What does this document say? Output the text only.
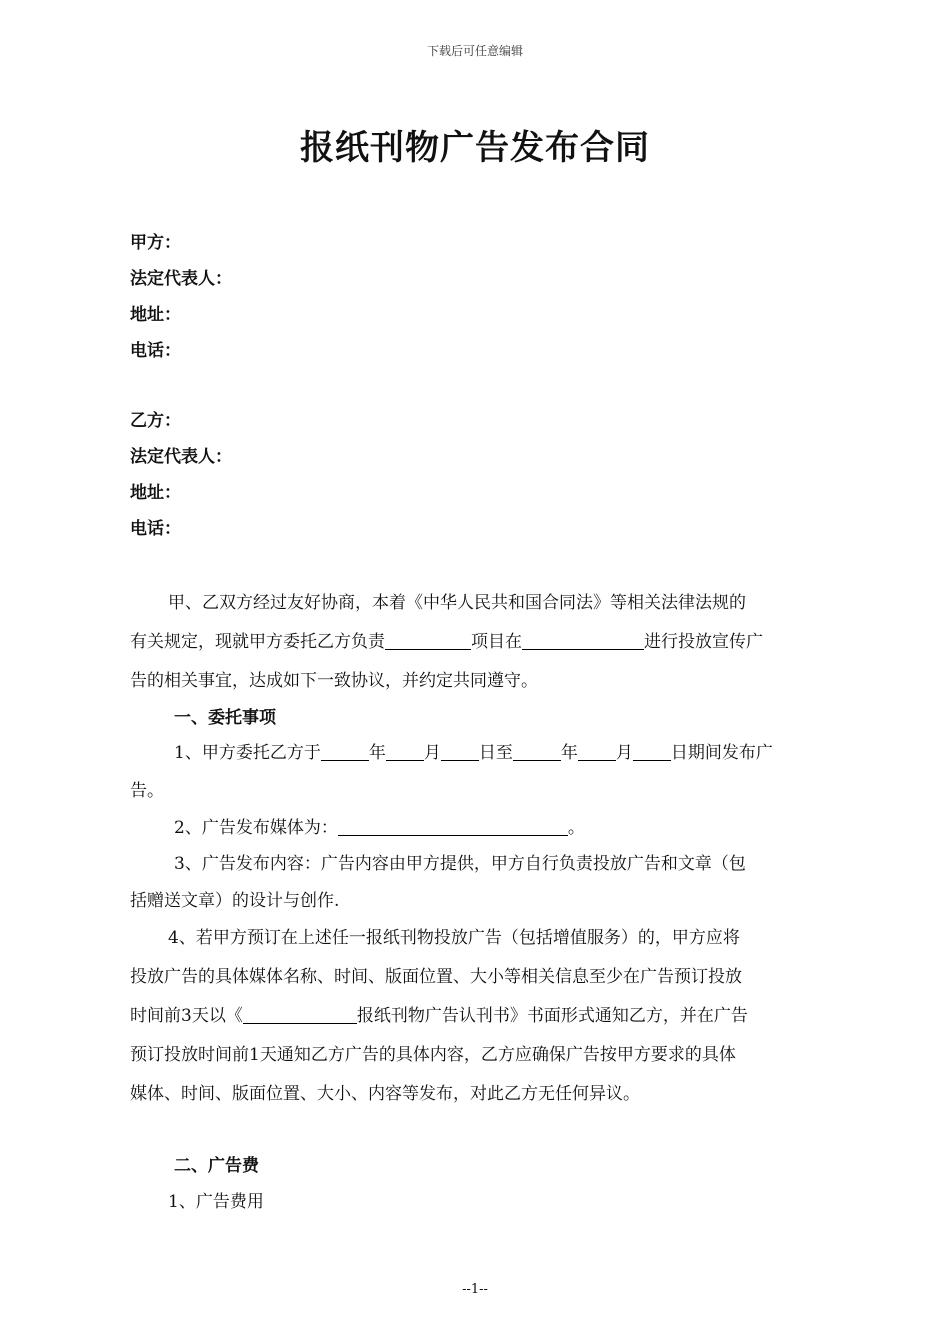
下载后可任意编辑
报纸刊物广告发布合同
甲方：
法定代表人：
地址：
电话：
乙方：
法定代表人：
地址：
电话：
甲、乙双方经过友好协商，本着《中华人民共和国合同法》等相关法律法规的
有关规定，现就甲方委托乙方负责	项目在	进行投放宣传广
告的相关事宜，达成如下一致协议，并约定共同遵守。
一、委托事项
1、甲方委托乙方于	年 月 日至	年 月 日期间发布广
告。
2、广告发布媒体为：	。
3、广告发布内容：广告内容由甲方提供，甲方自行负责投放广告和文章（包
括赠送文章）的设计与创作.
4、若甲方预订在上述任一报纸刊物投放广告（包括增值服务）的，甲方应将
投放广告的具体媒体名称、时间、版面位置、大小等相关信息至少在广告预订投放
时间前3天以《	报纸刊物广告认刊书》书面形式通知乙方，并在广告
预订投放时间前1天通知乙方广告的具体内容，乙方应确保广告按甲方要求的具体
媒体、时间、版面位置、大小、内容等发布，对此乙方无任何异议。
二、广告费
1、广告费用
--1--
